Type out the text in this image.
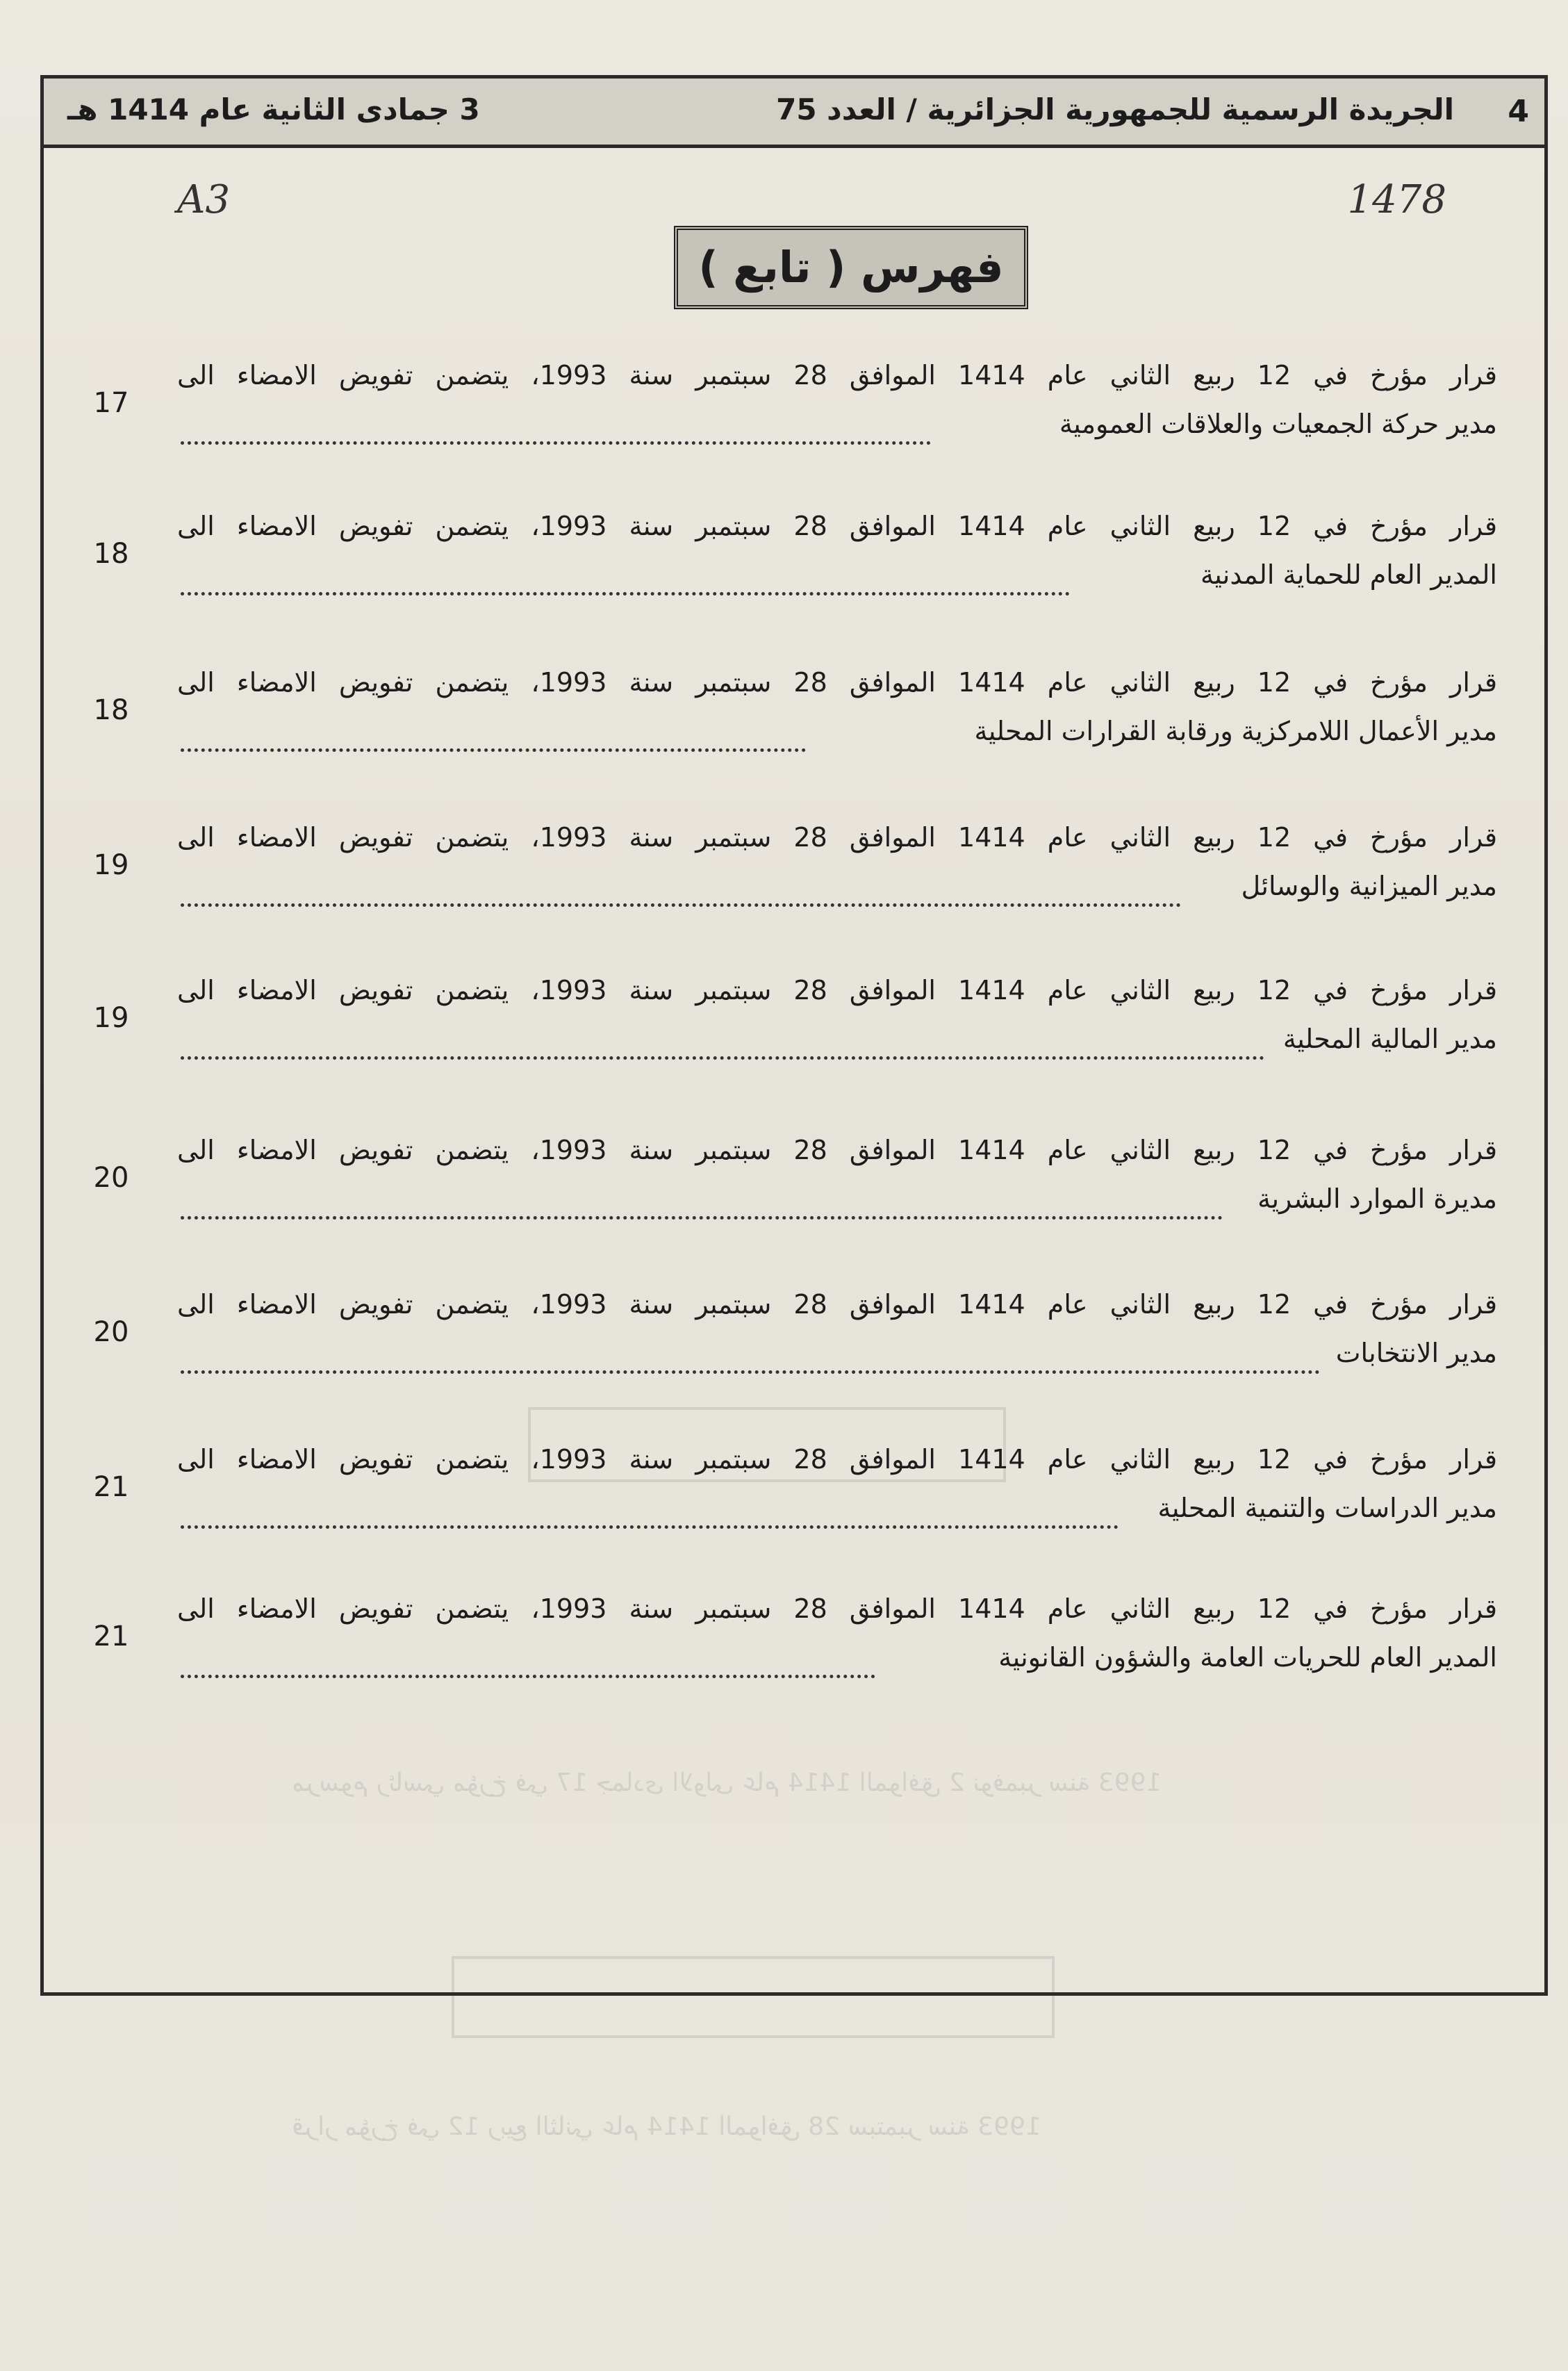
مرسوم رئاسي مؤرخ في 17 جمادى الاولى عام 1414 الموافق 2 نوفمبر سنة 1993
قرار مؤرخ في 12 ربيع الثاني عام 1414 الموافق 28 سبتمبر سنة 1993
4
الجريدة الرسمية للجمهورية الجزائرية / العدد 75
3 جمادى الثانية عام 1414 هـ
A3	1478
فهرس ( تابع )
قرار مؤرخ في 12 ربيع الثاني عام 1414 الموافق 28 سبتمبر سنة 1993، يتضمن تفويض الامضاء الى
مدير حركة الجمعيات والعلاقات العمومية
17
قرار مؤرخ في 12 ربيع الثاني عام 1414 الموافق 28 سبتمبر سنة 1993، يتضمن تفويض الامضاء الى
المدير العام للحماية المدنية
18
قرار مؤرخ في 12 ربيع الثاني عام 1414 الموافق 28 سبتمبر سنة 1993، يتضمن تفويض الامضاء الى
مدير الأعمال اللامركزية ورقابة القرارات المحلية
18
قرار مؤرخ في 12 ربيع الثاني عام 1414 الموافق 28 سبتمبر سنة 1993، يتضمن تفويض الامضاء الى
مدير الميزانية والوسائل
19
قرار مؤرخ في 12 ربيع الثاني عام 1414 الموافق 28 سبتمبر سنة 1993، يتضمن تفويض الامضاء الى
مدير المالية المحلية
19
قرار مؤرخ في 12 ربيع الثاني عام 1414 الموافق 28 سبتمبر سنة 1993، يتضمن تفويض الامضاء الى
مديرة الموارد البشرية
20
قرار مؤرخ في 12 ربيع الثاني عام 1414 الموافق 28 سبتمبر سنة 1993، يتضمن تفويض الامضاء الى
مدير الانتخابات
20
قرار مؤرخ في 12 ربيع الثاني عام 1414 الموافق 28 سبتمبر سنة 1993، يتضمن تفويض الامضاء الى
مدير الدراسات والتنمية المحلية
21
قرار مؤرخ في 12 ربيع الثاني عام 1414 الموافق 28 سبتمبر سنة 1993، يتضمن تفويض الامضاء الى
المدير العام للحريات العامة والشؤون القانونية
21
